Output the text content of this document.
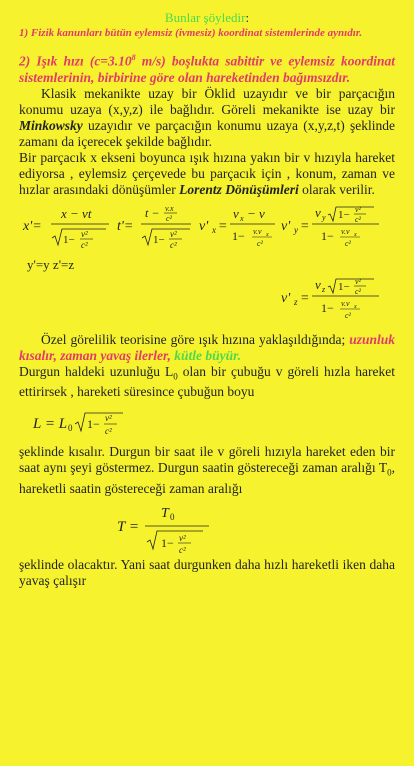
Bunlar şöyledir:

1) Fizik kanunları bütün eylemsiz (ivmesiz) koordinat sistemlerinde aynıdır.

2) Işık hızı ($c=3.10^8$ m/s) boşlukta sabittir ve eylemsiz koordinat sistemlerinin, birbirine göre olan hareketinden bağımsızdır.

Klasik mekanikte uzay bir Öklid uzayıdır ve bir parçacığın konumu uzaya (x,y,z) ile bağlıdır. Göreli mekanikte ise uzay bir Minkowsky uzayıdır ve parçacığın konumu uzaya (x,y,z,t) şeklinde zamanı da içerecek şekilde bağlıdır.

Bir parçacık x ekseni boyunca ışık hızına yakın bir v hızıyla hareket ediyorsa , eylemsiz çerçevede bu parçacık için , konum, zaman ve hızlar arasındaki dönüşümler Lorentz Dönüşümleri olarak verilir.

x'=
x − vt
1− v²
c²
t'=
t − v.x
c²
1− v²
c²
v' x =
v x − v
1− v.v x
c²
v' y =
v y 1− v²
c²
1− v.v x
c²
y'=y z'=z
v' z =
v z 1− v²
c²
1− v.v x
c²

Özel görelilik teorisine göre ışık hızına yaklaşıldığında; uzunluk kısalır, zaman yavaş ilerler, kütle büyür.

Durgun haldeki uzunluğu $L_0$ olan bir çubuğu v göreli hızla hareket ettirirsek , hareketi süresince çubuğun boyu

L = L 0 1− v²
c²

şeklinde kısalır. Durgun bir saat ile v göreli hızıyla hareket eden bir saat aynı şeyi göstermez. Durgun saatin göstereceği zaman aralığı $T_0$, hareketli saatin göstereceği zaman aralığı

T =
T 0
1− v²
c²

şeklinde olacaktır. Yani saat durgunken daha hızlı hareketli iken daha yavaş çalışır
